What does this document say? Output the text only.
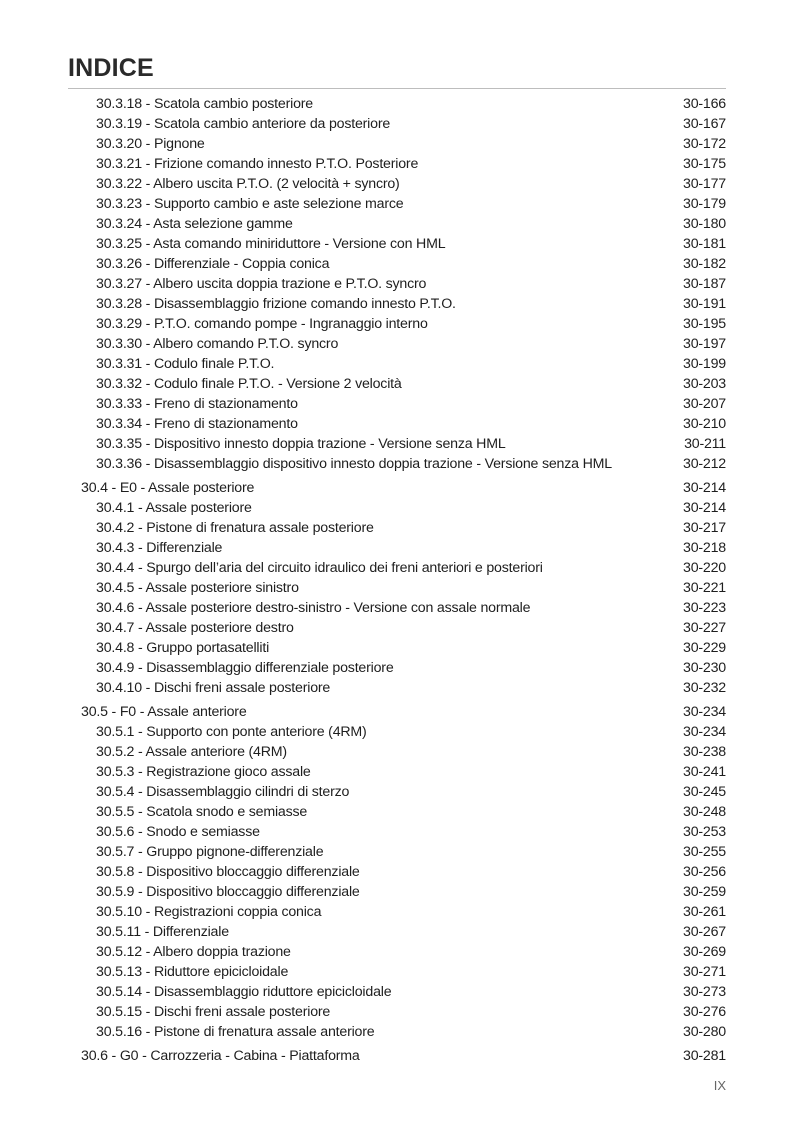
INDICE
30.3.18 - Scatola cambio posteriore	30-166
30.3.19 - Scatola cambio anteriore da posteriore	30-167
30.3.20 - Pignone	30-172
30.3.21 - Frizione comando innesto P.T.O. Posteriore	30-175
30.3.22 - Albero uscita P.T.O. (2 velocità + syncro)	30-177
30.3.23 - Supporto cambio e aste selezione marce	30-179
30.3.24 - Asta selezione gamme	30-180
30.3.25 - Asta comando miniriduttore - Versione con HML	30-181
30.3.26 - Differenziale - Coppia conica	30-182
30.3.27 - Albero uscita doppia trazione e P.T.O. syncro	30-187
30.3.28 - Disassemblaggio frizione comando innesto P.T.O.	30-191
30.3.29 - P.T.O. comando pompe - Ingranaggio interno	30-195
30.3.30 - Albero comando P.T.O. syncro	30-197
30.3.31 - Codulo finale P.T.O.	30-199
30.3.32 - Codulo finale P.T.O. - Versione 2 velocità	30-203
30.3.33 - Freno di stazionamento	30-207
30.3.34 - Freno di stazionamento	30-210
30.3.35 - Dispositivo innesto doppia trazione - Versione senza HML	30-211
30.3.36 - Disassemblaggio dispositivo innesto doppia trazione - Versione senza HML	30-212
30.4 - E0 - Assale posteriore	30-214
30.4.1 - Assale posteriore	30-214
30.4.2 - Pistone di frenatura assale posteriore	30-217
30.4.3 - Differenziale	30-218
30.4.4 - Spurgo dell’aria del circuito idraulico dei freni anteriori e posteriori	30-220
30.4.5 - Assale posteriore sinistro	30-221
30.4.6 - Assale posteriore destro-sinistro - Versione con assale normale	30-223
30.4.7 - Assale posteriore destro	30-227
30.4.8 - Gruppo portasatelliti	30-229
30.4.9 - Disassemblaggio differenziale posteriore	30-230
30.4.10 - Dischi freni assale posteriore	30-232
30.5 - F0 - Assale anteriore	30-234
30.5.1 - Supporto con ponte anteriore (4RM)	30-234
30.5.2 - Assale anteriore (4RM)	30-238
30.5.3 - Registrazione gioco assale	30-241
30.5.4 - Disassemblaggio cilindri di sterzo	30-245
30.5.5 - Scatola snodo e semiasse	30-248
30.5.6 - Snodo e semiasse	30-253
30.5.7 - Gruppo pignone-differenziale	30-255
30.5.8 - Dispositivo bloccaggio differenziale	30-256
30.5.9 - Dispositivo bloccaggio differenziale	30-259
30.5.10 - Registrazioni coppia conica	30-261
30.5.11 - Differenziale	30-267
30.5.12 - Albero doppia trazione	30-269
30.5.13 - Riduttore epicicloidale	30-271
30.5.14 - Disassemblaggio riduttore epicicloidale	30-273
30.5.15 - Dischi freni assale posteriore	30-276
30.5.16 - Pistone di frenatura assale anteriore	30-280
30.6 - G0 - Carrozzeria - Cabina - Piattaforma	30-281
IX
